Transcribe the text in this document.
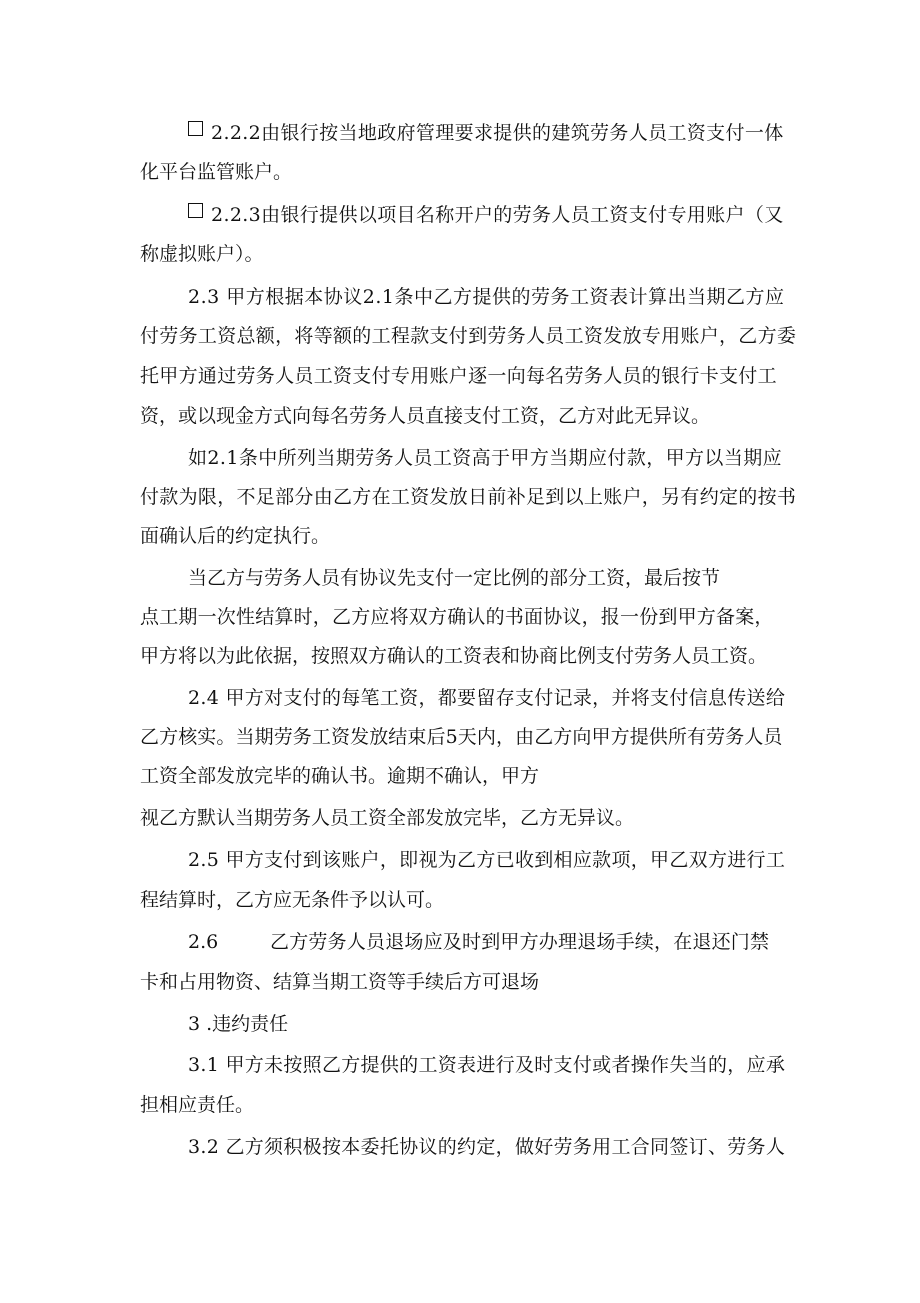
2.2.2由银行按当地政府管理要求提供的建筑劳务人员工资支付一体
化平台监管账户。
2.2.3由银行提供以项目名称开户的劳务人员工资支付专用账户（又
称虚拟账户）。
2.3 甲方根据本协议2.1条中乙方提供的劳务工资表计算出当期乙方应
付劳务工资总额，将等额的工程款支付到劳务人员工资发放专用账户，乙方委
托甲方通过劳务人员工资支付专用账户逐一向每名劳务人员的银行卡支付工
资，或以现金方式向每名劳务人员直接支付工资，乙方对此无异议。
如2.1条中所列当期劳务人员工资高于甲方当期应付款，甲方以当期应
付款为限，不足部分由乙方在工资发放日前补足到以上账户，另有约定的按书
面确认后的约定执行。
当乙方与劳务人员有协议先支付一定比例的部分工资，最后按节
点工期一次性结算时，乙方应将双方确认的书面协议，报一份到甲方备案，
甲方将以为此依据，按照双方确认的工资表和协商比例支付劳务人员工资。
2.4 甲方对支付的每笔工资，都要留存支付记录，并将支付信息传送给
乙方核实。当期劳务工资发放结束后5天内，由乙方向甲方提供所有劳务人员
工资全部发放完毕的确认书。逾期不确认，甲方
视乙方默认当期劳务人员工资全部发放完毕，乙方无异议。
2.5 甲方支付到该账户，即视为乙方已收到相应款项，甲乙双方进行工
程结算时，乙方应无条件予以认可。
2.6	乙方劳务人员退场应及时到甲方办理退场手续，在退还门禁
卡和占用物资、结算当期工资等手续后方可退场
3 .违约责任
3.1 甲方未按照乙方提供的工资表进行及时支付或者操作失当的，应承
担相应责任。
3.2 乙方须积极按本委托协议的约定，做好劳务用工合同签订、劳务人
